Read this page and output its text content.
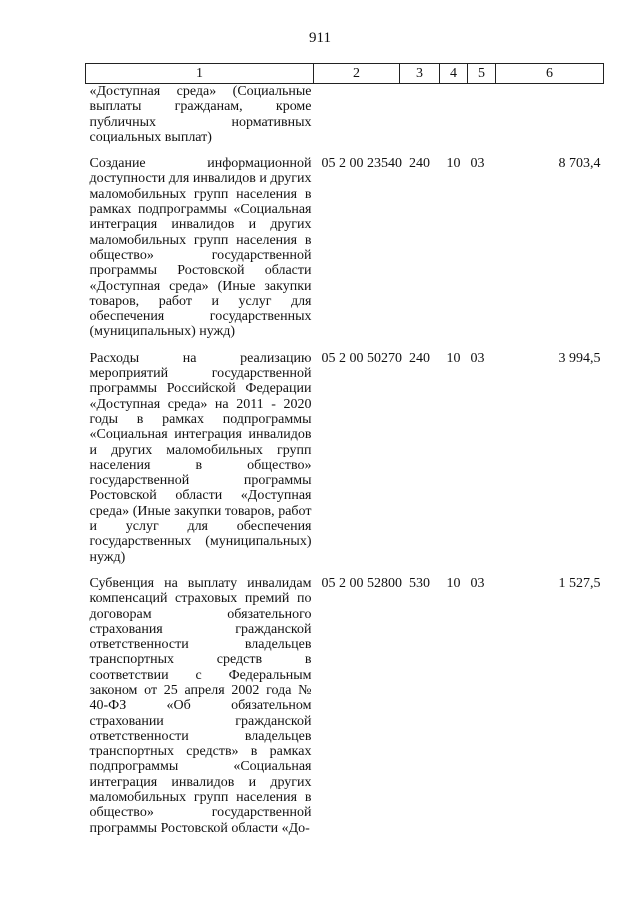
911
1	2	3	4	5	6
«Доступная среда» (Социальные выплаты гражданам, кроме публичных нормативных социальных выплат)					
Создание информационной доступности для инвалидов и других маломобильных групп населения в рамках подпрограммы «Социальная интеграция инвалидов и других маломобильных групп населения в общество» государственной программы Ростовской области «Доступная среда» (Иные закупки товаров, работ и услуг для обеспечения государственных (муниципальных) нужд)	05 2 00 23540	240	10	03	8 703,4
Расходы на реализацию мероприятий государственной программы Российской Федерации «Доступная среда» на 2011 - 2020 годы в рамках подпрограммы «Социальная интеграция инвалидов и других маломобильных групп населения в общество» государственной программы Ростовской области «Доступная среда» (Иные закупки товаров, работ и услуг для обеспечения государственных (муниципальных) нужд)	05 2 00 50270	240	10	03	3 994,5
Субвенция на выплату инвалидам компенсаций страховых премий по договорам обязательного страхования гражданской ответственности владельцев транспортных средств в соответствии с Федеральным законом от 25 апреля 2002 года № 40-ФЗ «Об обязательном страховании гражданской ответственности владельцев транспортных средств» в рамках подпрограммы «Социальная интеграция инвалидов и других маломобильных групп населения в общество» государственной программы Ростовской области «До-	05 2 00 52800	530	10	03	1 527,5
